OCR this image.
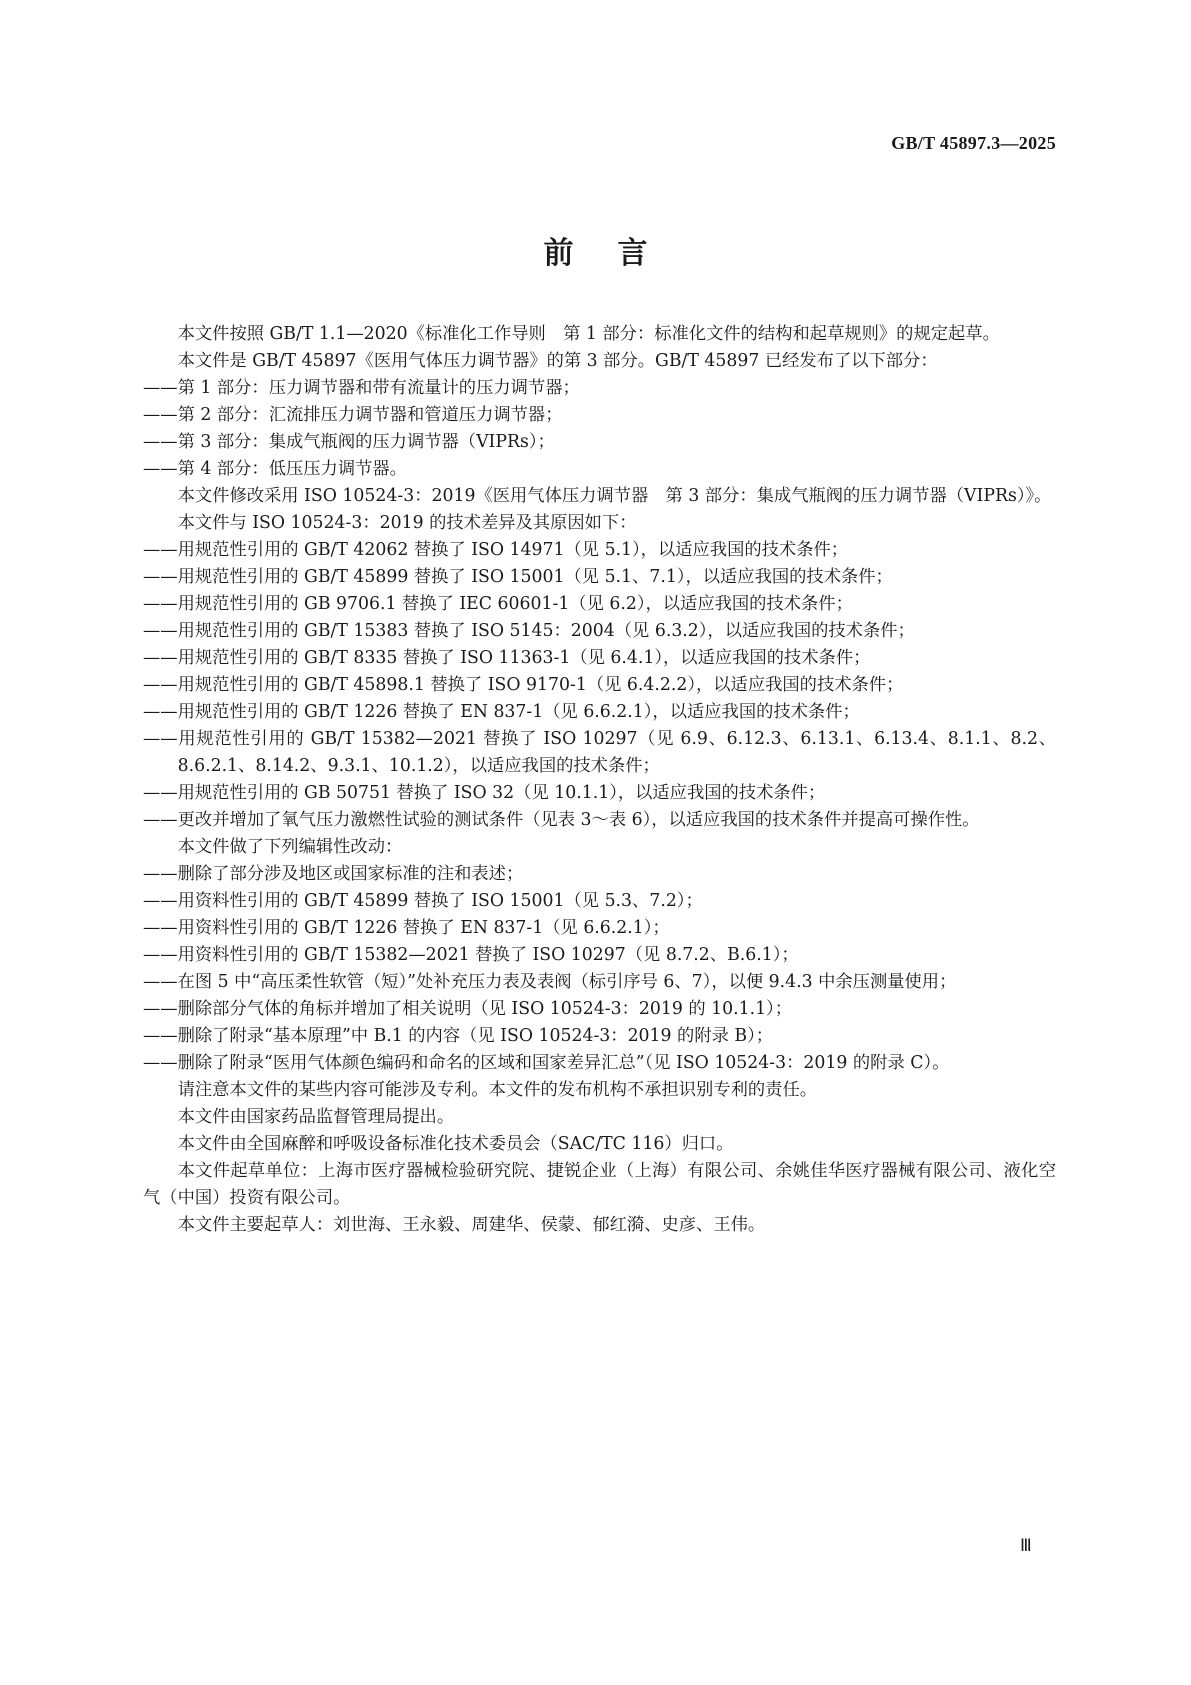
GB/T 45897.3—2025
前言
本文件按照 GB/T 1.1—2020《标准化工作导则　第 1 部分：标准化文件的结构和起草规则》的规定起草。
本文件是 GB/T 45897《医用气体压力调节器》的第 3 部分。GB/T 45897 已经发布了以下部分：
——第 1 部分：压力调节器和带有流量计的压力调节器；
——第 2 部分：汇流排压力调节器和管道压力调节器；
——第 3 部分：集成气瓶阀的压力调节器（VIPRs）；
——第 4 部分：低压压力调节器。
本文件修改采用 ISO 10524-3：2019《医用气体压力调节器　第 3 部分：集成气瓶阀的压力调节器（VIPRs）》。
本文件与 ISO 10524-3：2019 的技术差异及其原因如下：
——用规范性引用的 GB/T 42062 替换了 ISO 14971（见 5.1），以适应我国的技术条件；
——用规范性引用的 GB/T 45899 替换了 ISO 15001（见 5.1、7.1），以适应我国的技术条件；
——用规范性引用的 GB 9706.1 替换了 IEC 60601-1（见 6.2），以适应我国的技术条件；
——用规范性引用的 GB/T 15383 替换了 ISO 5145：2004（见 6.3.2），以适应我国的技术条件；
——用规范性引用的 GB/T 8335 替换了 ISO 11363-1（见 6.4.1），以适应我国的技术条件；
——用规范性引用的 GB/T 45898.1 替换了 ISO 9170-1（见 6.4.2.2），以适应我国的技术条件；
——用规范性引用的 GB/T 1226 替换了 EN 837-1（见 6.6.2.1），以适应我国的技术条件；
——用规范性引用的 GB/T 15382—2021 替换了 ISO 10297（见 6.9、6.12.3、6.13.1、6.13.4、8.1.1、8.2、8.6.2.1、8.14.2、9.3.1、10.1.2），以适应我国的技术条件；
——用规范性引用的 GB 50751 替换了 ISO 32（见 10.1.1），以适应我国的技术条件；
——更改并增加了氧气压力激燃性试验的测试条件（见表 3～表 6），以适应我国的技术条件并提高可操作性。
本文件做了下列编辑性改动：
——删除了部分涉及地区或国家标准的注和表述；
——用资料性引用的 GB/T 45899 替换了 ISO 15001（见 5.3、7.2）；
——用资料性引用的 GB/T 1226 替换了 EN 837-1（见 6.6.2.1）；
——用资料性引用的 GB/T 15382—2021 替换了 ISO 10297（见 8.7.2、B.6.1）；
——在图 5 中“高压柔性软管（短）”处补充压力表及表阀（标引序号 6、7），以便 9.4.3 中余压测量使用；
——删除部分气体的角标并增加了相关说明（见 ISO 10524-3：2019 的 10.1.1）；
——删除了附录“基本原理”中 B.1 的内容（见 ISO 10524-3：2019 的附录 B）；
——删除了附录“医用气体颜色编码和命名的区域和国家差异汇总”（见 ISO 10524-3：2019 的附录 C）。
请注意本文件的某些内容可能涉及专利。本文件的发布机构不承担识别专利的责任。
本文件由国家药品监督管理局提出。
本文件由全国麻醉和呼吸设备标准化技术委员会（SAC/TC 116）归口。
本文件起草单位：上海市医疗器械检验研究院、捷锐企业（上海）有限公司、余姚佳华医疗器械有限公司、液化空气（中国）投资有限公司。
本文件主要起草人：刘世海、王永毅、周建华、侯蒙、郁红漪、史彦、王伟。
Ⅲ
